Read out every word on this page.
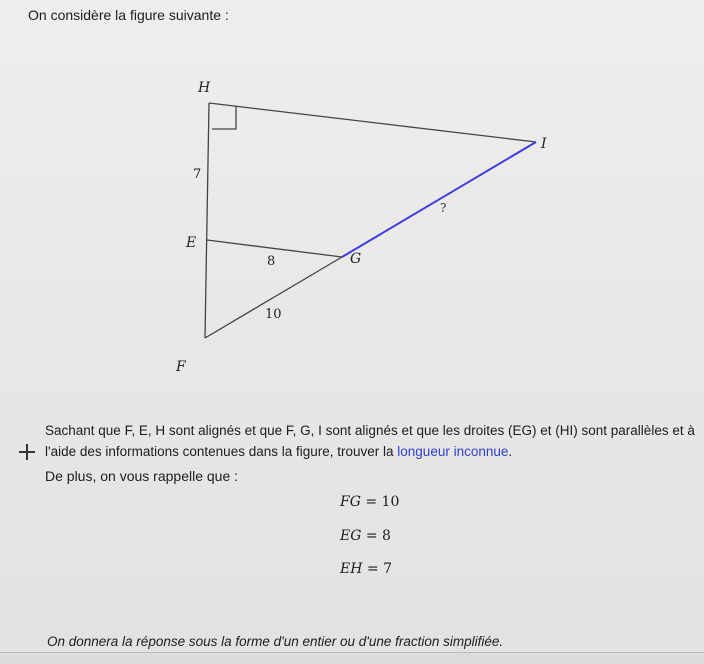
On considère la figure suivante :
H
I
E
G
F
7
8
10
?
Sachant que F, E, H sont alignés et que F, G, I sont alignés et que les droites (EG) et (HI) sont parallèles et à l'aide des informations contenues dans la figure, trouver la longueur inconnue.
De plus, on vous rappelle que :
FG = 10
EG = 8
EH = 7
On donnera la réponse sous la forme d'un entier ou d'une fraction simplifiée.
